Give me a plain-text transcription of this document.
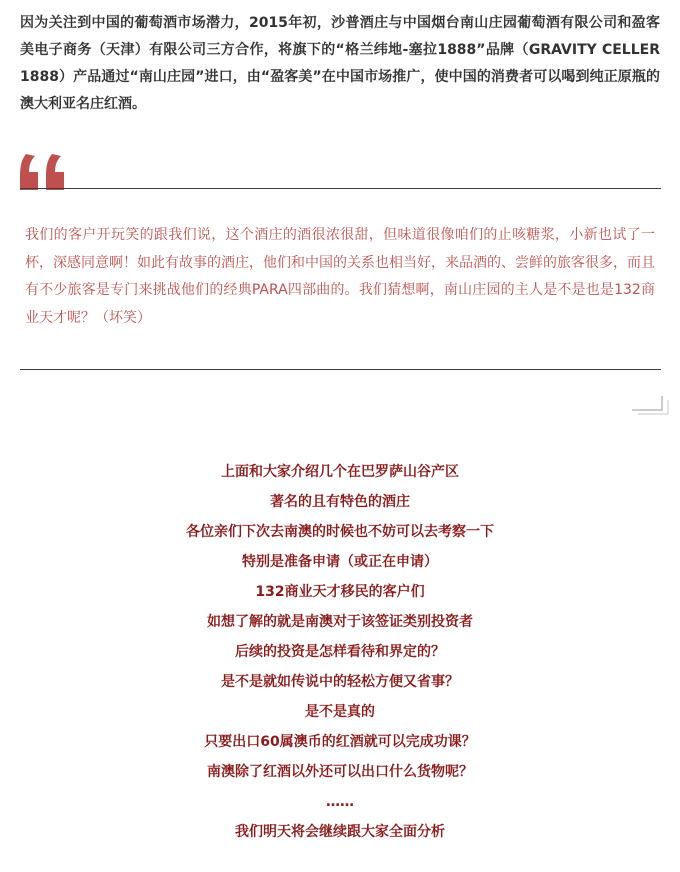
因为关注到中国的葡萄酒市场潜力，2015年初，沙普酒庄与中国烟台南山庄园葡萄酒有限公司和盈客美电子商务（天津）有限公司三方合作，将旗下的“格兰纬地-塞拉1888”品牌（GRAVITY CELLER 1888）产品通过“南山庄园”进口，由“盈客美”在中国市场推广，使中国的消费者可以喝到纯正原瓶的澳大利亚名庄红酒。

我们的客户开玩笑的跟我们说，这个酒庄的酒很浓很甜，但味道很像咱们的止咳糖浆，小新也试了一杯，深感同意啊！如此有故事的酒庄，他们和中国的关系也相当好，来品酒的、尝鲜的旅客很多，而且有不少旅客是专门来挑战他们的经典PARA四部曲的。我们猜想啊，南山庄园的主人是不是也是132商业天才呢？（坏笑）

上面和大家介绍几个在巴罗萨山谷产区
著名的且有特色的酒庄
各位亲们下次去南澳的时候也不妨可以去考察一下
特别是准备申请（或正在申请）
132商业天才移民的客户们
如想了解的就是南澳对于该签证类别投资者
后续的投资是怎样看待和界定的？
是不是就如传说中的轻松方便又省事？
是不是真的
只要出口60属澳币的红酒就可以完成功课？
南澳除了红酒以外还可以出口什么货物呢？
……
我们明天将会继续跟大家全面分析
